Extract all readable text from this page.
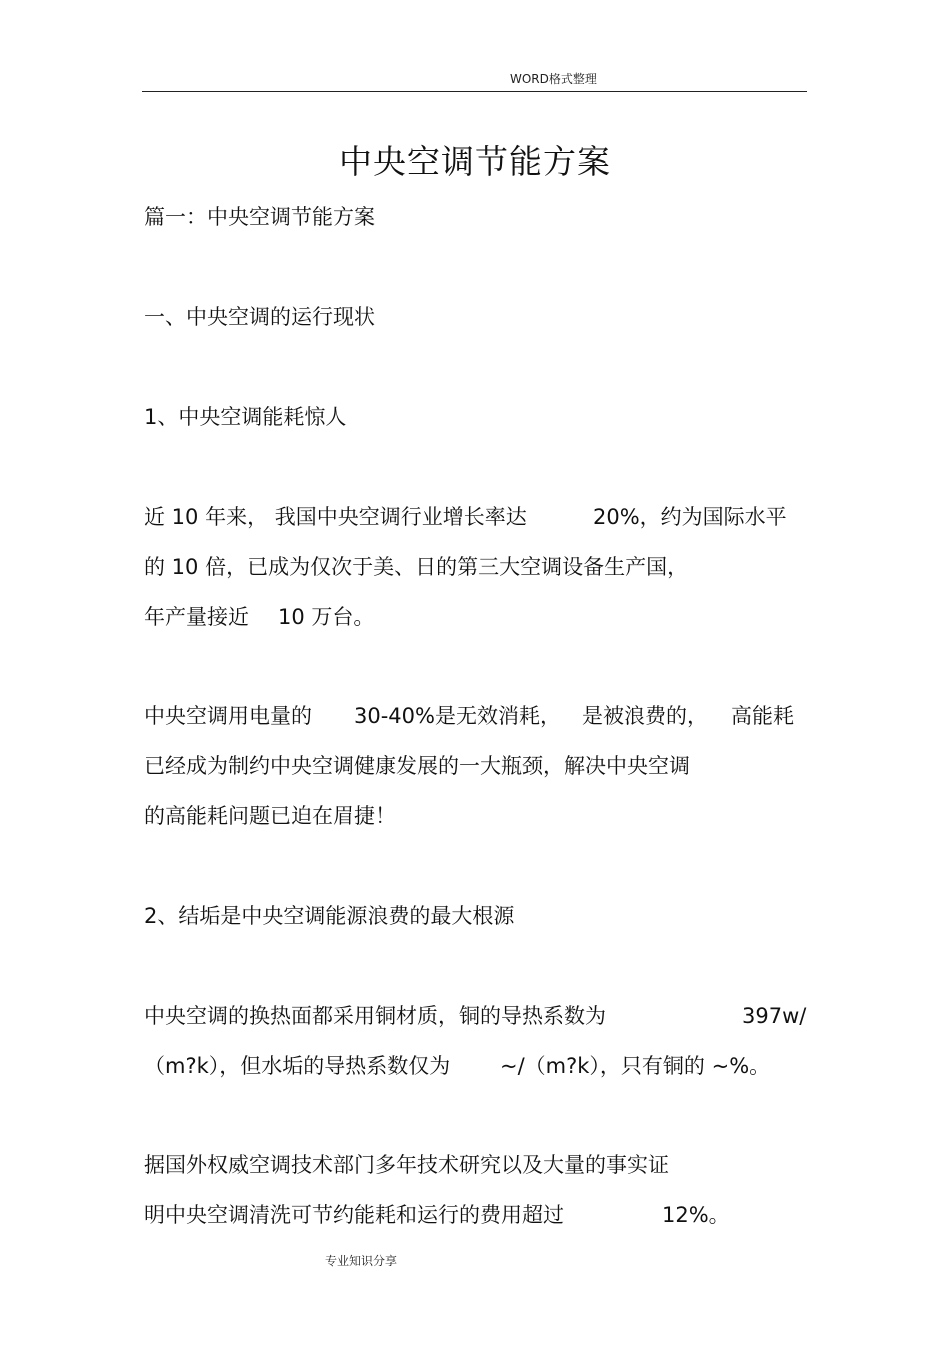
WORD格式整理
中央空调节能方案
篇一：中央空调节能方案
一、中央空调的运行现状
1、中央空调能耗惊人
近 10 年来， 我国中央空调行业增长率达	20%，约为国际水平
的 10 倍，已成为仅次于美、日的第三大空调设备生产国，
年产量接近 10 万台。
中央空调用电量的 30-40%是无效消耗， 是被浪费的， 高能耗
已经成为制约中央空调健康发展的一大瓶颈，解决中央空调
的高能耗问题已迫在眉捷！
2、结垢是中央空调能源浪费的最大根源
中央空调的换热面都采用铜材质，铜的导热系数为	397w/
（m?k），但水垢的导热系数仅为 ~/（m?k），只有铜的 ~%。
据国外权威空调技术部门多年技术研究以及大量的事实证
明中央空调清洗可节约能耗和运行的费用超过	12%。
专业知识分享
